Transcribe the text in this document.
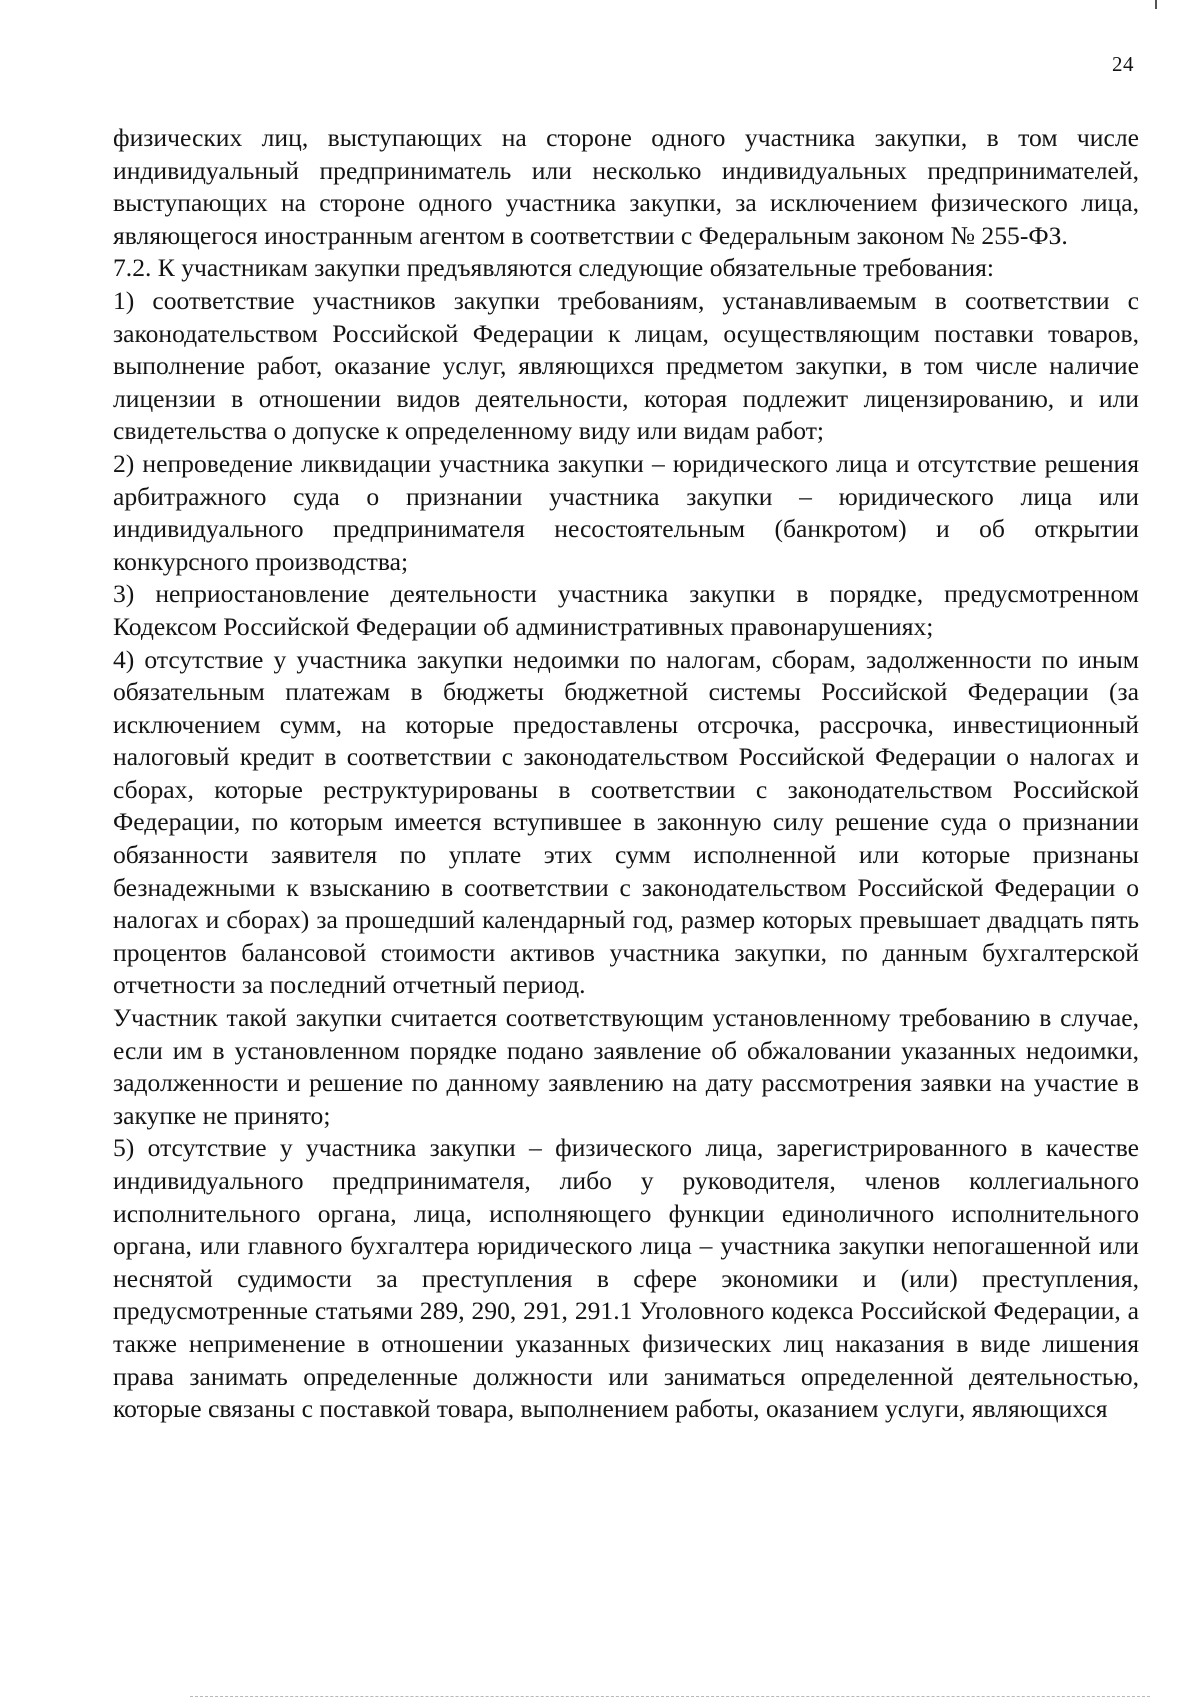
24

физических лиц, выступающих на стороне одного участника закупки, в том числе индивидуальный предприниматель или несколько индивидуальных предпринимателей, выступающих на стороне одного участника закупки, за исключением физического лица, являющегося иностранным агентом в соответствии с Федеральным законом № 255-ФЗ.

7.2. К участникам закупки предъявляются следующие обязательные требования:

1) соответствие участников закупки требованиям, устанавливаемым в соответствии с законодательством Российской Федерации к лицам, осуществляющим поставки товаров, выполнение работ, оказание услуг, являющихся предметом закупки, в том числе наличие лицензии в отношении видов деятельности, которая подлежит лицензированию, и или свидетельства о допуске к определенному виду или видам работ;

2) непроведение ликвидации участника закупки – юридического лица и отсутствие решения арбитражного суда о признании участника закупки – юридического лица или индивидуального предпринимателя несостоятельным (банкротом) и об открытии конкурсного производства;

3) неприостановление деятельности участника закупки в порядке, предусмотренном Кодексом Российской Федерации об административных правонарушениях;

4) отсутствие у участника закупки недоимки по налогам, сборам, задолженности по иным обязательным платежам в бюджеты бюджетной системы Российской Федерации (за исключением сумм, на которые предоставлены отсрочка, рассрочка, инвестиционный налоговый кредит в соответствии с законодательством Российской Федерации о налогах и сборах, которые реструктурированы в соответствии с законодательством Российской Федерации, по которым имеется вступившее в законную силу решение суда о признании обязанности заявителя по уплате этих сумм исполненной или которые признаны безнадежными к взысканию в соответствии с законодательством Российской Федерации о налогах и сборах) за прошедший календарный год, размер которых превышает двадцать пять процентов балансовой стоимости активов участника закупки, по данным бухгалтерской отчетности за последний отчетный период.

Участник такой закупки считается соответствующим установленному требованию в случае, если им в установленном порядке подано заявление об обжаловании указанных недоимки, задолженности и решение по данному заявлению на дату рассмотрения заявки на участие в закупке не принято;

5) отсутствие у участника закупки – физического лица, зарегистрированного в качестве индивидуального предпринимателя, либо у руководителя, членов коллегиального исполнительного органа, лица, исполняющего функции единоличного исполнительного органа, или главного бухгалтера юридического лица – участника закупки непогашенной или неснятой судимости за преступления в сфере экономики и (или) преступления, предусмотренные статьями 289, 290, 291, 291.1 Уголовного кодекса Российской Федерации, а также неприменение в отношении указанных физических лиц наказания в виде лишения права занимать определенные должности или заниматься определенной деятельностью, которые связаны с поставкой товара, выполнением работы, оказанием услуги, являющихся
